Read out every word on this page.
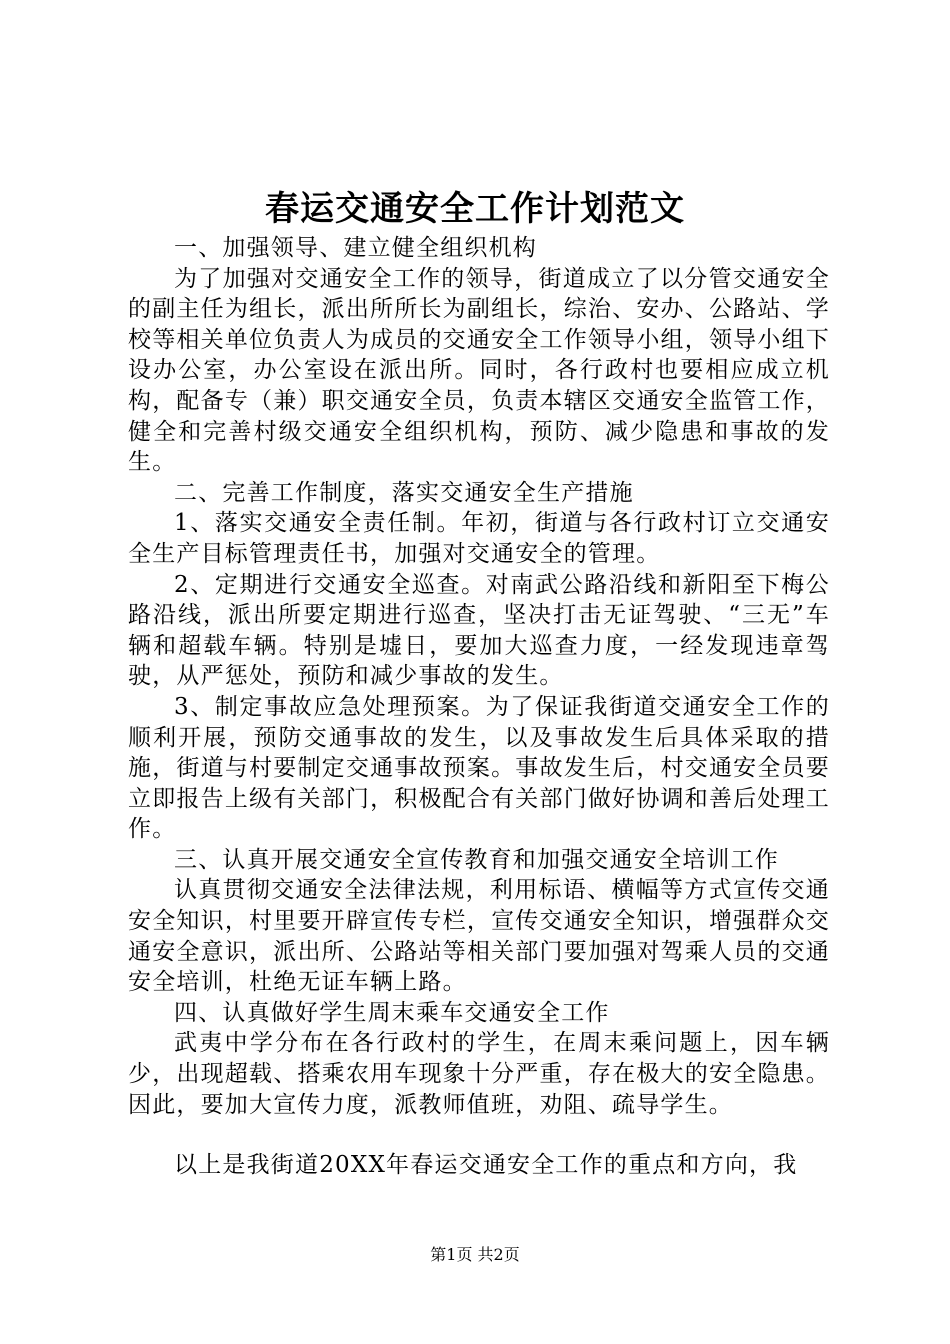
春运交通安全工作计划范文

一、加强领导、建立健全组织机构

为了加强对交通安全工作的领导，街道成立了以分管交通安全的副主任为组长，派出所所长为副组长，综治、安办、公路站、学校等相关单位负责人为成员的交通安全工作领导小组，领导小组下设办公室，办公室设在派出所。同时，各行政村也要相应成立机构，配备专（兼）职交通安全员，负责本辖区交通安全监管工作，健全和完善村级交通安全组织机构，预防、减少隐患和事故的发生。

二、完善工作制度，落实交通安全生产措施

1、落实交通安全责任制。年初，街道与各行政村订立交通安全生产目标管理责任书，加强对交通安全的管理。

2、定期进行交通安全巡查。对南武公路沿线和新阳至下梅公路沿线，派出所要定期进行巡查，坚决打击无证驾驶、“三无”车辆和超载车辆。特别是墟日，要加大巡查力度，一经发现违章驾驶，从严惩处，预防和减少事故的发生。

3、制定事故应急处理预案。为了保证我街道交通安全工作的顺利开展，预防交通事故的发生，以及事故发生后具体采取的措施，街道与村要制定交通事故预案。事故发生后，村交通安全员要立即报告上级有关部门，积极配合有关部门做好协调和善后处理工作。

三、认真开展交通安全宣传教育和加强交通安全培训工作

认真贯彻交通安全法律法规，利用标语、横幅等方式宣传交通安全知识，村里要开辟宣传专栏，宣传交通安全知识，增强群众交通安全意识，派出所、公路站等相关部门要加强对驾乘人员的交通安全培训，杜绝无证车辆上路。

四、认真做好学生周末乘车交通安全工作

武夷中学分布在各行政村的学生，在周末乘问题上，因车辆少，出现超载、搭乘农用车现象十分严重，存在极大的安全隐患。因此，要加大宣传力度，派教师值班，劝阻、疏导学生。

以上是我街道20XX年春运交通安全工作的重点和方向，我

第1页 共2页
